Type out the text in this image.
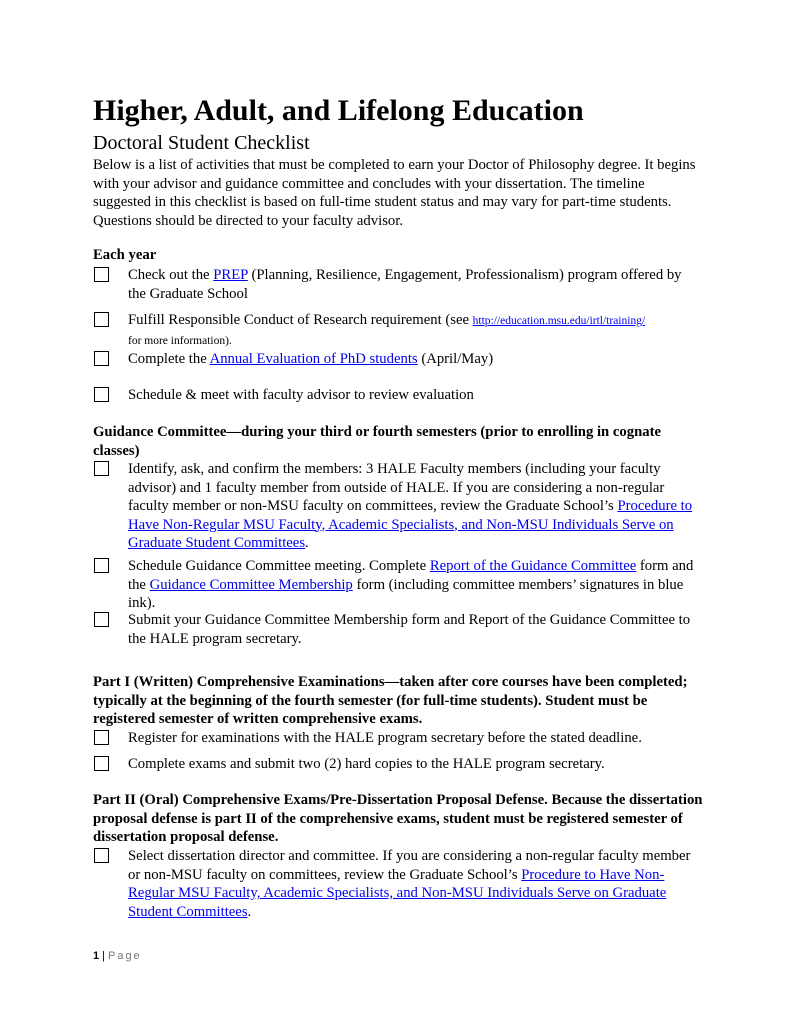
Higher, Adult, and Lifelong Education
Doctoral Student Checklist
Below is a list of activities that must be completed to earn your Doctor of Philosophy degree. It begins with your advisor and guidance committee and concludes with your dissertation. The timeline suggested in this checklist is based on full-time student status and may vary for part-time students. Questions should be directed to your faculty advisor.
Each year
Check out the PREP (Planning, Resilience, Engagement, Professionalism) program offered by the Graduate School
Fulfill Responsible Conduct of Research requirement (see http://education.msu.edu/irtl/training/
for more information).
Complete the Annual Evaluation of PhD students (April/May)
Schedule & meet with faculty advisor to review evaluation
Guidance Committee—during your third or fourth semesters (prior to enrolling in cognate classes)
Identify, ask, and confirm the members: 3 HALE Faculty members (including your faculty advisor) and 1 faculty member from outside of HALE. If you are considering a non-regular faculty member or non-MSU faculty on committees, review the Graduate School’s Procedure to Have Non-Regular MSU Faculty, Academic Specialists, and Non-MSU Individuals Serve on Graduate Student Committees.
Schedule Guidance Committee meeting. Complete Report of the Guidance Committee form and the Guidance Committee Membership form (including committee members’ signatures in blue ink).
Submit your Guidance Committee Membership form and Report of the Guidance Committee to the HALE program secretary.
Part I (Written) Comprehensive Examinations—taken after core courses have been completed; typically at the beginning of the fourth semester (for full-time students). Student must be registered semester of written comprehensive exams.
Register for examinations with the HALE program secretary before the stated deadline.
Complete exams and submit two (2) hard copies to the HALE program secretary.
Part II (Oral) Comprehensive Exams/Pre-Dissertation Proposal Defense. Because the dissertation proposal defense is part II of the comprehensive exams, student must be registered semester of dissertation proposal defense.
Select dissertation director and committee. If you are considering a non-regular faculty member or non-MSU faculty on committees, review the Graduate School’s Procedure to Have Non-Regular MSU Faculty, Academic Specialists, and Non-MSU Individuals Serve on Graduate Student Committees.
1 | Page
